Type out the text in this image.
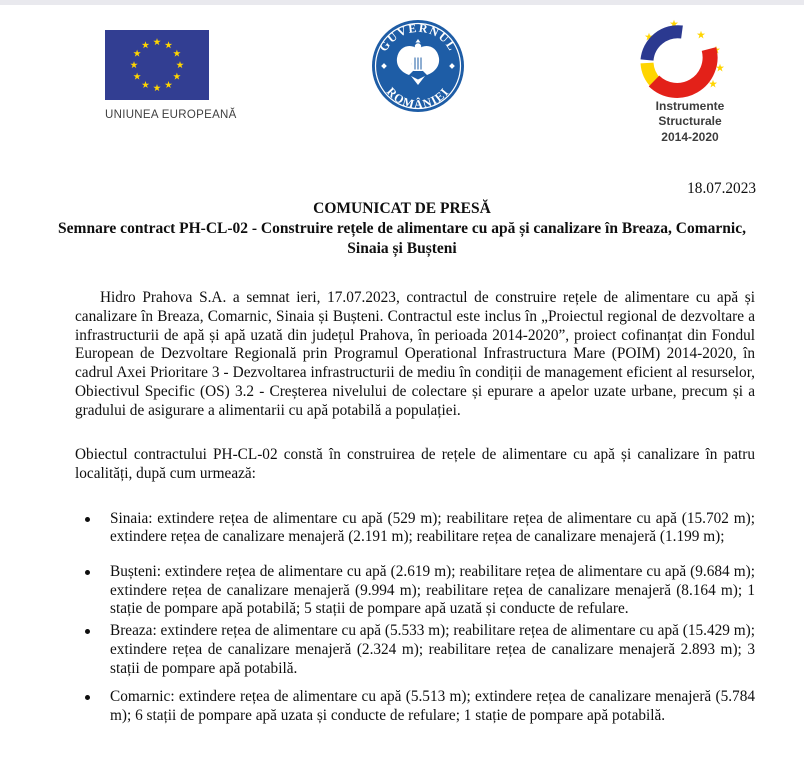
UNIUNEA EUROPEANĂ
GUVERNUL
ROMÂNIEI
Instrumente Structurale
2014-2020
18.07.2023
COMUNICAT DE PRESĂ
Semnare contract PH-CL-02 - Construire rețele de alimentare cu apă și canalizare în Breaza, Comarnic, Sinaia și Bușteni

Hidro Prahova S.A. a semnat ieri, 17.07.2023, contractul de construire rețele de alimentare cu apă și canalizare în Breaza, Comarnic, Sinaia și Bușteni. Contractul este inclus în „Proiectul regional de dezvoltare a infrastructurii de apă și apă uzată din județul Prahova, în perioada 2014-2020”, proiect cofinanțat din Fondul European de Dezvoltare Regională prin Programul Operational Infrastructura Mare (POIM) 2014-2020, în cadrul Axei Prioritare 3 - Dezvoltarea infrastructurii de mediu în condiții de management eficient al resurselor, Obiectivul Specific (OS) 3.2 - Creșterea nivelului de colectare și epurare a apelor uzate urbane, precum și a gradului de asigurare a alimentarii cu apă potabilă a populației.

Obiectul contractului PH-CL-02 constă în construirea de rețele de alimentare cu apă și canalizare în patru localități, după cum urmează:

Sinaia: extindere rețea de alimentare cu apă (529 m); reabilitare rețea de alimentare cu apă (15.702 m); extindere rețea de canalizare menajeră (2.191 m); reabilitare rețea de canalizare menajeră (1.199 m);
Bușteni: extindere rețea de alimentare cu apă (2.619 m); reabilitare rețea de alimentare cu apă (9.684 m); extindere rețea de canalizare menajeră (9.994 m); reabilitare rețea de canalizare menajeră (8.164 m); 1 stație de pompare apă potabilă; 5 stații de pompare apă uzată și conducte de refulare.
Breaza: extindere rețea de alimentare cu apă (5.533 m); reabilitare rețea de alimentare cu apă (15.429 m); extindere rețea de canalizare menajeră (2.324 m); reabilitare rețea de canalizare menajeră 2.893 m); 3 stații de pompare apă potabilă.
Comarnic: extindere rețea de alimentare cu apă (5.513 m); extindere rețea de canalizare menajeră (5.784 m); 6 stații de pompare apă uzata și conducte de refulare; 1 stație de pompare apă potabilă.
